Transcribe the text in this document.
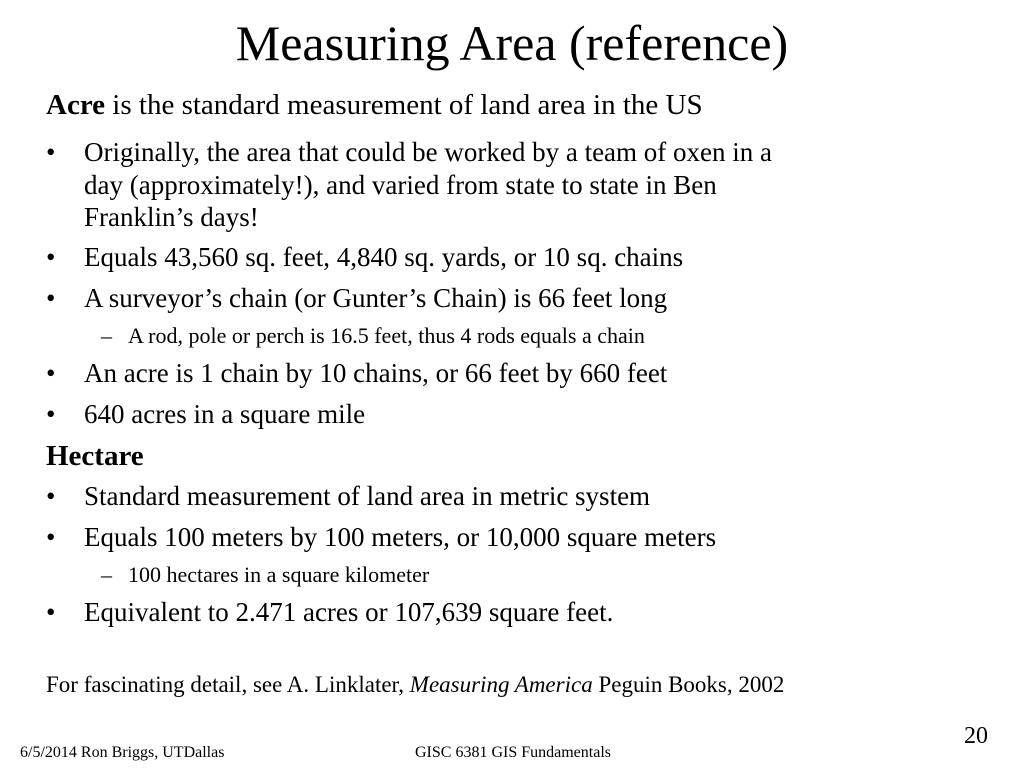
Measuring Area (reference)
Acre is the standard measurement of land area in the US
• Originally, the area that could be worked by a team of oxen in a
day (approximately!), and varied from state to state in Ben
Franklin’s days!
• Equals 43,560 sq. feet, 4,840 sq. yards, or 10 sq. chains
• A surveyor’s chain (or Gunter’s Chain) is 66 feet long
– A rod, pole or perch is 16.5 feet, thus 4 rods equals a chain
• An acre is 1 chain by 10 chains, or 66 feet by 660 feet
• 640 acres in a square mile
Hectare
• Standard measurement of land area in metric system
• Equals 100 meters by 100 meters, or 10,000 square meters
– 100 hectares in a square kilometer
• Equivalent to 2.471 acres or 107,639 square feet.
For fascinating detail, see A. Linklater, Measuring America Peguin Books, 2002
6/5/2014 Ron Briggs, UTDallas	GISC 6381 GIS Fundamentals
20
